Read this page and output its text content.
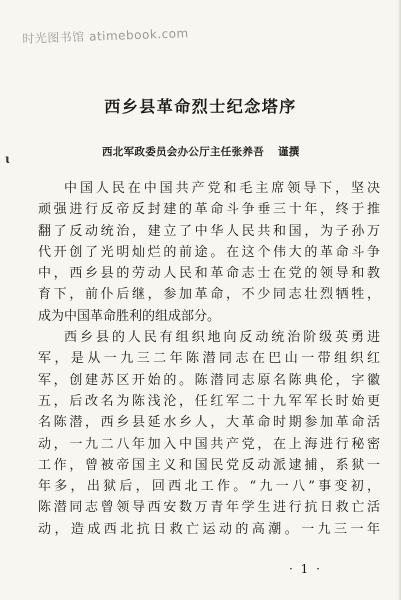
时光图书馆 atimebook.com
西乡县革命烈士纪念塔序
西北军政委员会办公厅主任张养吾 谨撰
ɩ
中国人民在中国共产党和毛主席领导下，坚决
顽强进行反帝反封建的革命斗争垂三十年，终于推
翻了反动统治，建立了中华人民共和国，为子孙万
代开创了光明灿烂的前途。在这个伟大的革命斗争
中，西乡县的劳动人民和革命志士在党的领导和教
育下，前仆后继，参加革命，不少同志壮烈牺牲，
成为中国革命胜利的组成部分。
西乡县的人民有组织地向反动统治阶级英勇进
军，是从一九三二年陈潜同志在巴山一带组织红
军，创建苏区开始的。陈潜同志原名陈典伦，字徽
五，后改名为陈浅沦，任红军二十九军军长时始更
名陈潜，西乡县延水乡人，大革命时期参加革命活
动，一九二八年加入中国共产党，在上海进行秘密
工作，曾被帝国主义和国民党反动派逮捕，系狱一
年多，出狱后，回西北工作。“九一八”事变初，
陈潜同志曾领导西安数万青年学生进行抗日救亡活
动，造成西北抗日救亡运动的高潮。一九三一年
· 1 ·
